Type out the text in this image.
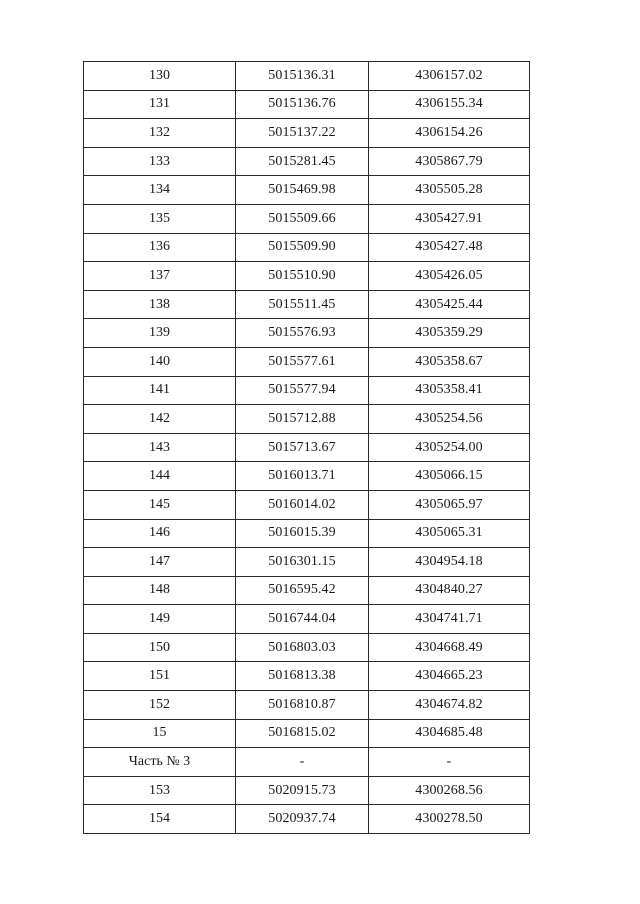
130	5015136.31	4306157.02
131	5015136.76	4306155.34
132	5015137.22	4306154.26
133	5015281.45	4305867.79
134	5015469.98	4305505.28
135	5015509.66	4305427.91
136	5015509.90	4305427.48
137	5015510.90	4305426.05
138	5015511.45	4305425.44
139	5015576.93	4305359.29
140	5015577.61	4305358.67
141	5015577.94	4305358.41
142	5015712.88	4305254.56
143	5015713.67	4305254.00
144	5016013.71	4305066.15
145	5016014.02	4305065.97
146	5016015.39	4305065.31
147	5016301.15	4304954.18
148	5016595.42	4304840.27
149	5016744.04	4304741.71
150	5016803.03	4304668.49
151	5016813.38	4304665.23
152	5016810.87	4304674.82
15	5016815.02	4304685.48
Часть № 3	-	-
153	5020915.73	4300268.56
154	5020937.74	4300278.50
